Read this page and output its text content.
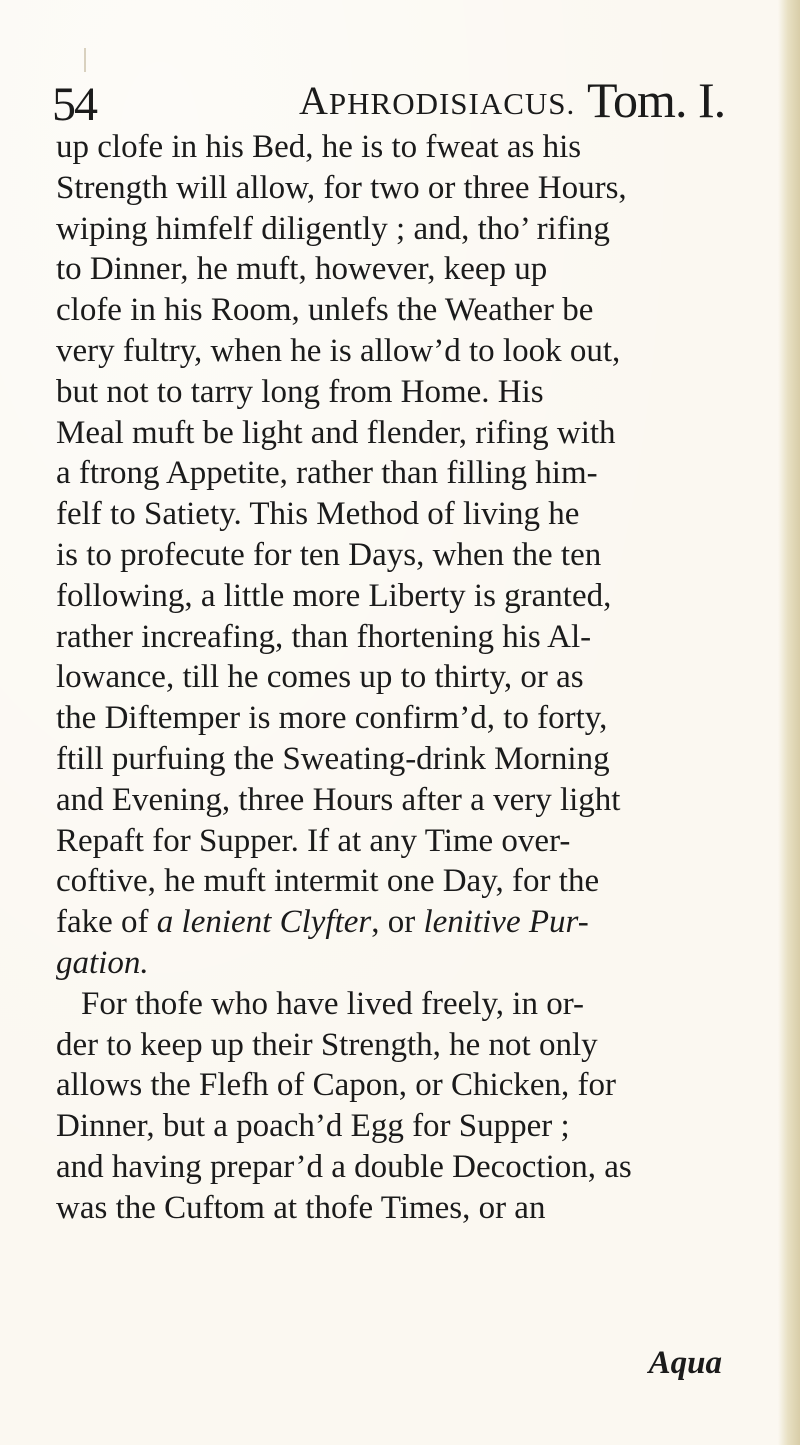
54	APHRODISIACUS. Tom. I.
up clofe in his Bed, he is to fweat as his
Strength will allow, for two or three Hours,
wiping himfelf diligently ; and, tho’ rifing
to Dinner, he muft, however, keep up
clofe in his Room, unlefs the Weather be
very fultry, when he is allow’d to look out,
but not to tarry long from Home. His
Meal muft be light and flender, rifing with
a ftrong Appetite, rather than filling him-
felf to Satiety. This Method of living he
is to profecute for ten Days, when the ten
following, a little more Liberty is granted,
rather increafing, than fhortening his Al-
lowance, till he comes up to thirty, or as
the Diftemper is more confirm’d, to forty,
ftill purfuing the Sweating-drink Morning
and Evening, three Hours after a very light
Repaft for Supper. If at any Time over-
coftive, he muft intermit one Day, for the
fake of a lenient Clyfter, or lenitive Pur-
gation.
For thofe who have lived freely, in or-
der to keep up their Strength, he not only
allows the Flefh of Capon, or Chicken, for
Dinner, but a poach’d Egg for Supper ;
and having prepar’d a double Decoction, as
was the Cuftom at thofe Times, or an
Aqua
